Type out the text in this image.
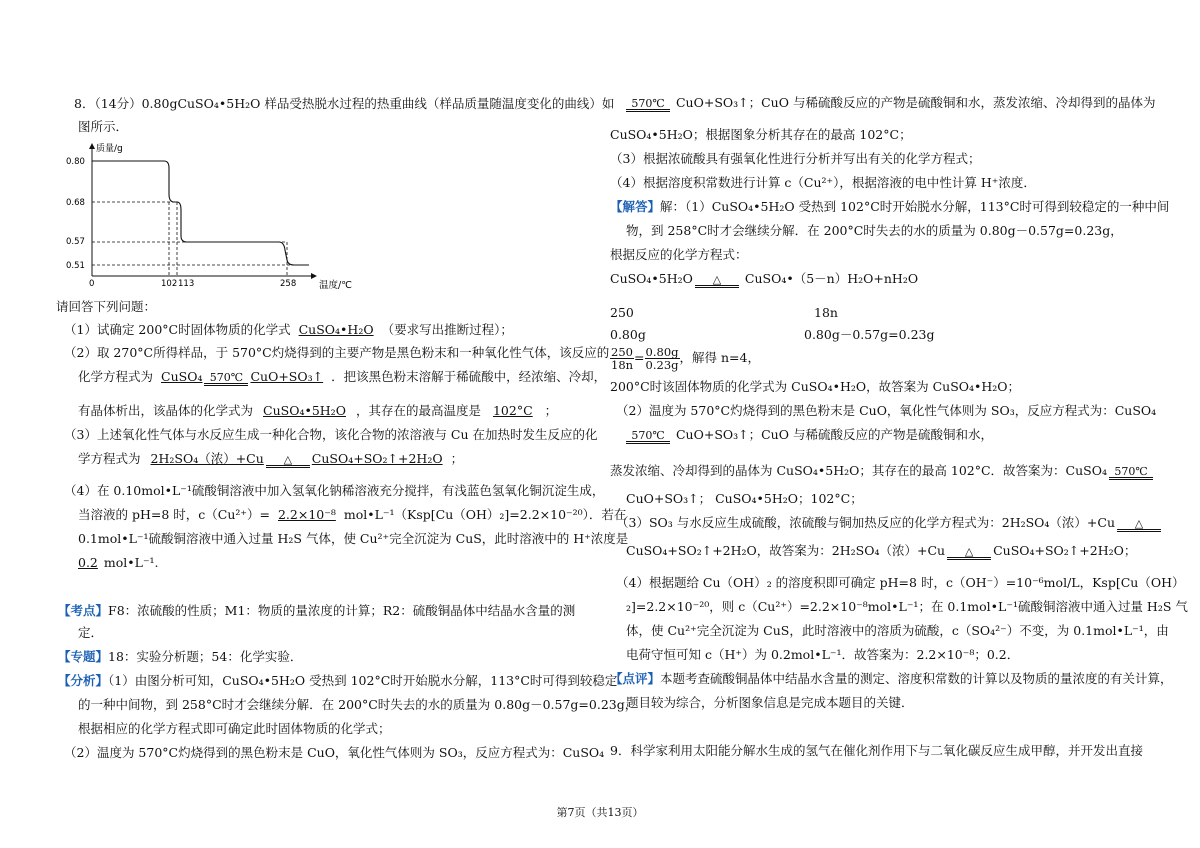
8．（14分）0.80gCuSO₄•5H₂O 样品受热脱水过程的热重曲线（样品质量随温度变化的曲线）如
图所示．
质量/g
温度/℃
0.80
0.68
0.57
0.51
0	102 113	258
请回答下列问题：
（1）试确定 200°C时固体物质的化学式 CuSO₄•H₂O （要求写出推断过程）；
（2）取 270°C所得样品，于 570°C灼烧得到的主要产物是黑色粉末和一种氧化性气体，该反应的
化学方程式为 CuSO₄ 570℃ CuO+SO₃↑ ．把该黑色粉末溶解于稀硫酸中，经浓缩、冷却，
有晶体析出，该晶体的化学式为 CuSO₄•5H₂O ，其存在的最高温度是 102°C ；
（3）上述氧化性气体与水反应生成一种化合物，该化合物的浓溶液与 Cu 在加热时发生反应的化
学方程式为 2H₂SO₄（浓）+Cu	△	CuSO₄+SO₂↑+2H₂O ；
（4）在 0.10mol•L⁻¹硫酸铜溶液中加入氢氧化钠稀溶液充分搅拌，有浅蓝色氢氧化铜沉淀生成，
当溶液的 pH=8 时，c（Cu²⁺）= 2.2×10⁻⁸ mol•L⁻¹（Ksp[Cu（OH）₂]=2.2×10⁻²⁰）．若在
0.1mol•L⁻¹硫酸铜溶液中通入过量 H₂S 气体，使 Cu²⁺完全沉淀为 CuS，此时溶液中的 H⁺浓度是
0.2 mol•L⁻¹.
【考点】F8：浓硫酸的性质；M1：物质的量浓度的计算；R2：硫酸铜晶体中结晶水含量的测
定．
【专题】18：实验分析题；54：化学实验．
【分析】（1）由图分析可知，CuSO₄•5H₂O 受热到 102°C时开始脱水分解，113°C时可得到较稳定
的一种中间物，到 258°C时才会继续分解．在 200°C时失去的水的质量为 0.80g－0.57g=0.23g，
根据相应的化学方程式即可确定此时固体物质的化学式；
（2）温度为 570°C灼烧得到的黑色粉末是 CuO，氧化性气体则为 SO₃，反应方程式为：CuSO₄
570℃ CuO+SO₃↑；CuO 与稀硫酸反应的产物是硫酸铜和水，蒸发浓缩、冷却得到的晶体为
CuSO₄•5H₂O；根据图象分析其存在的最高 102°C；
（3）根据浓硫酸具有强氧化性进行分析并写出有关的化学方程式；
（4）根据溶度积常数进行计算 c（Cu²⁺），根据溶液的电中性计算 H⁺浓度．
【解答】解：（1）CuSO₄•5H₂O 受热到 102°C时开始脱水分解，113°C时可得到较稳定的一种中间
物，到 258°C时才会继续分解．在 200°C时失去的水的质量为 0.80g－0.57g=0.23g，
根据反应的化学方程式：
CuSO₄•5H₂O	△	CuSO₄•（5－n）H₂O+nH₂O
250	18n
0.80g	0.80g－0.57g=0.23g
$\frac{250}{18n} = \frac{0.80g}{0.23g}$ ，解得 n=4，
200°C时该固体物质的化学式为 CuSO₄•H₂O，故答案为 CuSO₄•H₂O；
（2）温度为 570°C灼烧得到的黑色粉末是 CuO，氧化性气体则为 SO₃，反应方程式为：CuSO₄
570℃ CuO+SO₃↑；CuO 与稀硫酸反应的产物是硫酸铜和水，
蒸发浓缩、冷却得到的晶体为 CuSO₄•5H₂O；其存在的最高 102°C．故答案为：CuSO₄ 570℃
CuO+SO₃↑； CuSO₄•5H₂O；102°C；
（3）SO₃ 与水反应生成硫酸，浓硫酸与铜加热反应的化学方程式为：2H₂SO₄（浓）+Cu	△
CuSO₄+SO₂↑+2H₂O，故答案为：2H₂SO₄（浓）+Cu	△	CuSO₄+SO₂↑+2H₂O；
（4）根据题给 Cu（OH）₂ 的溶度积即可确定 pH=8 时，c（OH⁻）=10⁻⁶mol/L，Ksp[Cu（OH）
₂]=2.2×10⁻²⁰，则 c（Cu²⁺）=2.2×10⁻⁸mol•L⁻¹；在 0.1mol•L⁻¹硫酸铜溶液中通入过量 H₂S 气
体，使 Cu²⁺完全沉淀为 CuS，此时溶液中的溶质为硫酸，c（SO₄²⁻）不变，为 0.1mol•L⁻¹，由
电荷守恒可知 c（H⁺）为 0.2mol•L⁻¹．故答案为：2.2×10⁻⁸；0.2．
【点评】本题考查硫酸铜晶体中结晶水含量的测定、溶度积常数的计算以及物质的量浓度的有关计算，
题目较为综合，分析图象信息是完成本题目的关键．
9．科学家利用太阳能分解水生成的氢气在催化剂作用下与二氧化碳反应生成甲醇，并开发出直接
第7页（共13页）
